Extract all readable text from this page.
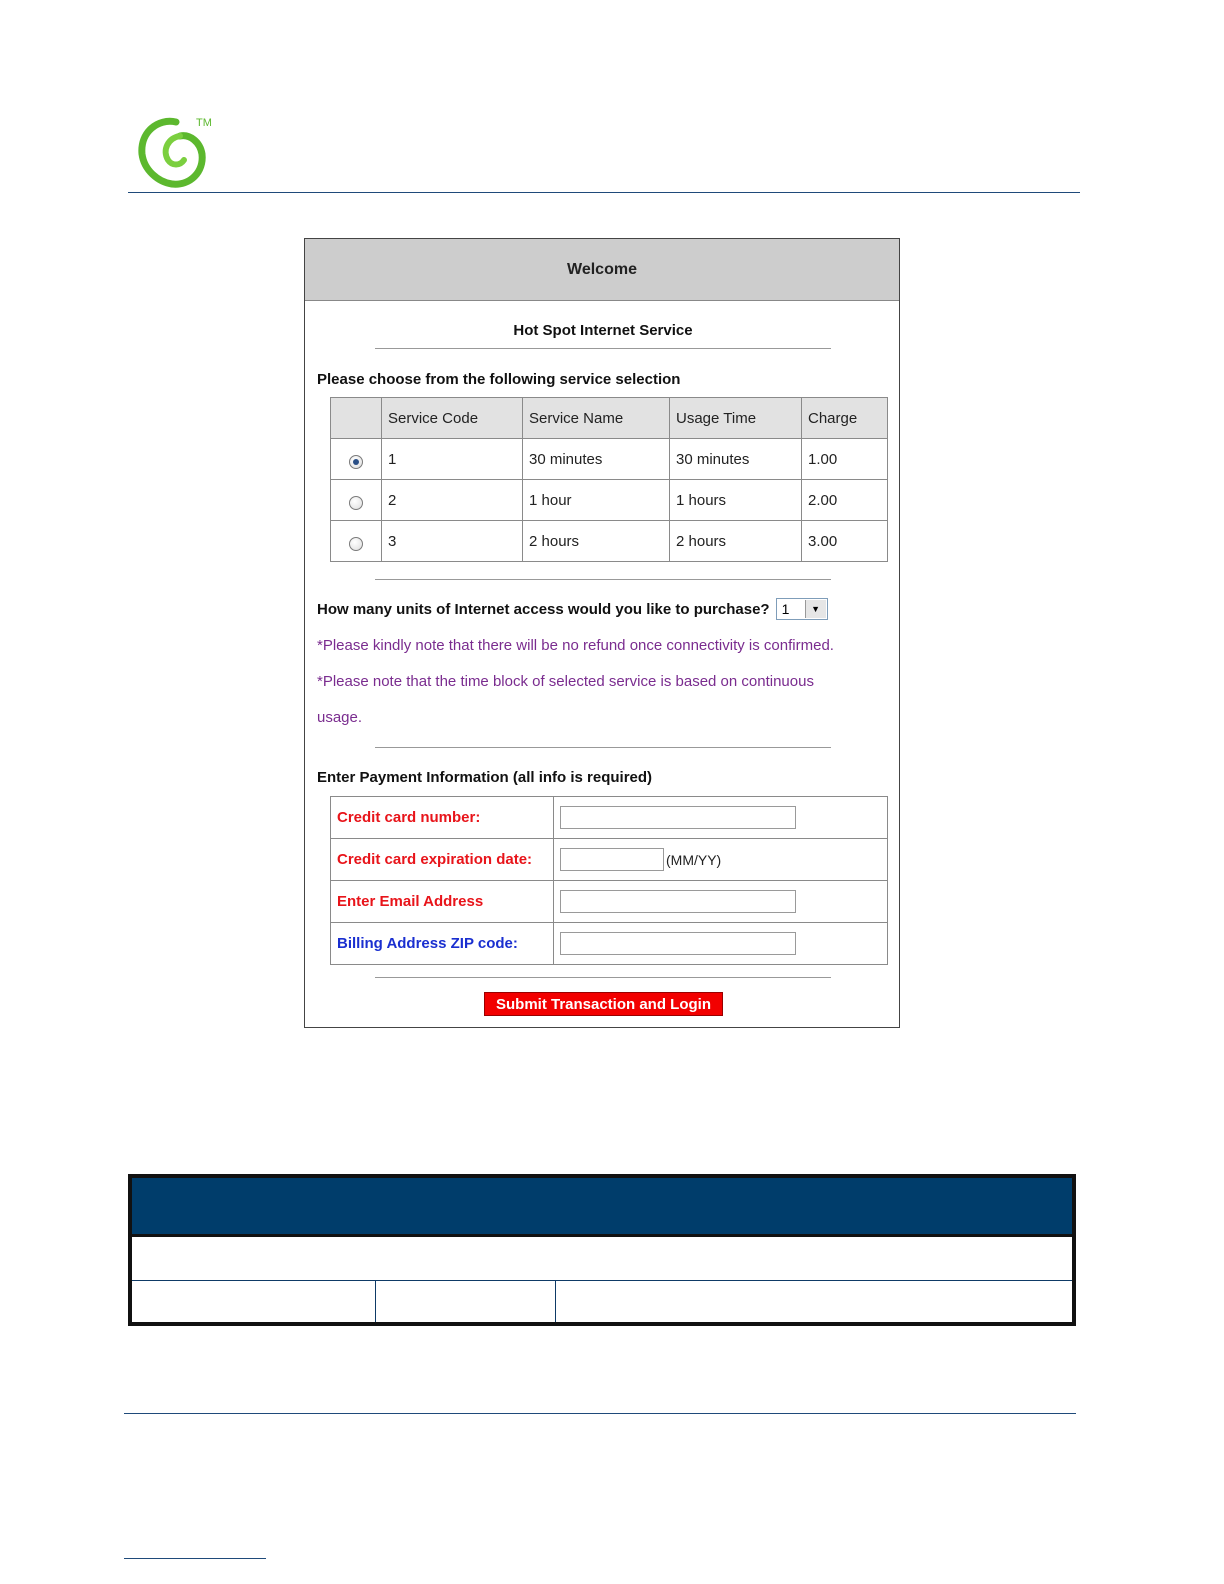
TM
Welcome
Hot Spot Internet Service
Please choose from the following service selection
	Service Code	Service Name	Usage Time	Charge
	1	30 minutes	30 minutes	1.00
	2	1 hour	1 hours	2.00
	3	2 hours	2 hours	3.00
How many units of Internet access would you like to purchase? 1	▼
*Please kindly note that there will be no refund once connectivity is confirmed.
*Please note that the time block of selected service is based on continuous
usage.
Enter Payment Information (all info is required)
Credit card number:	
Credit card expiration date:	(MM/YY)
Enter Email Address	
Billing Address ZIP code:	
Submit Transaction and Login
